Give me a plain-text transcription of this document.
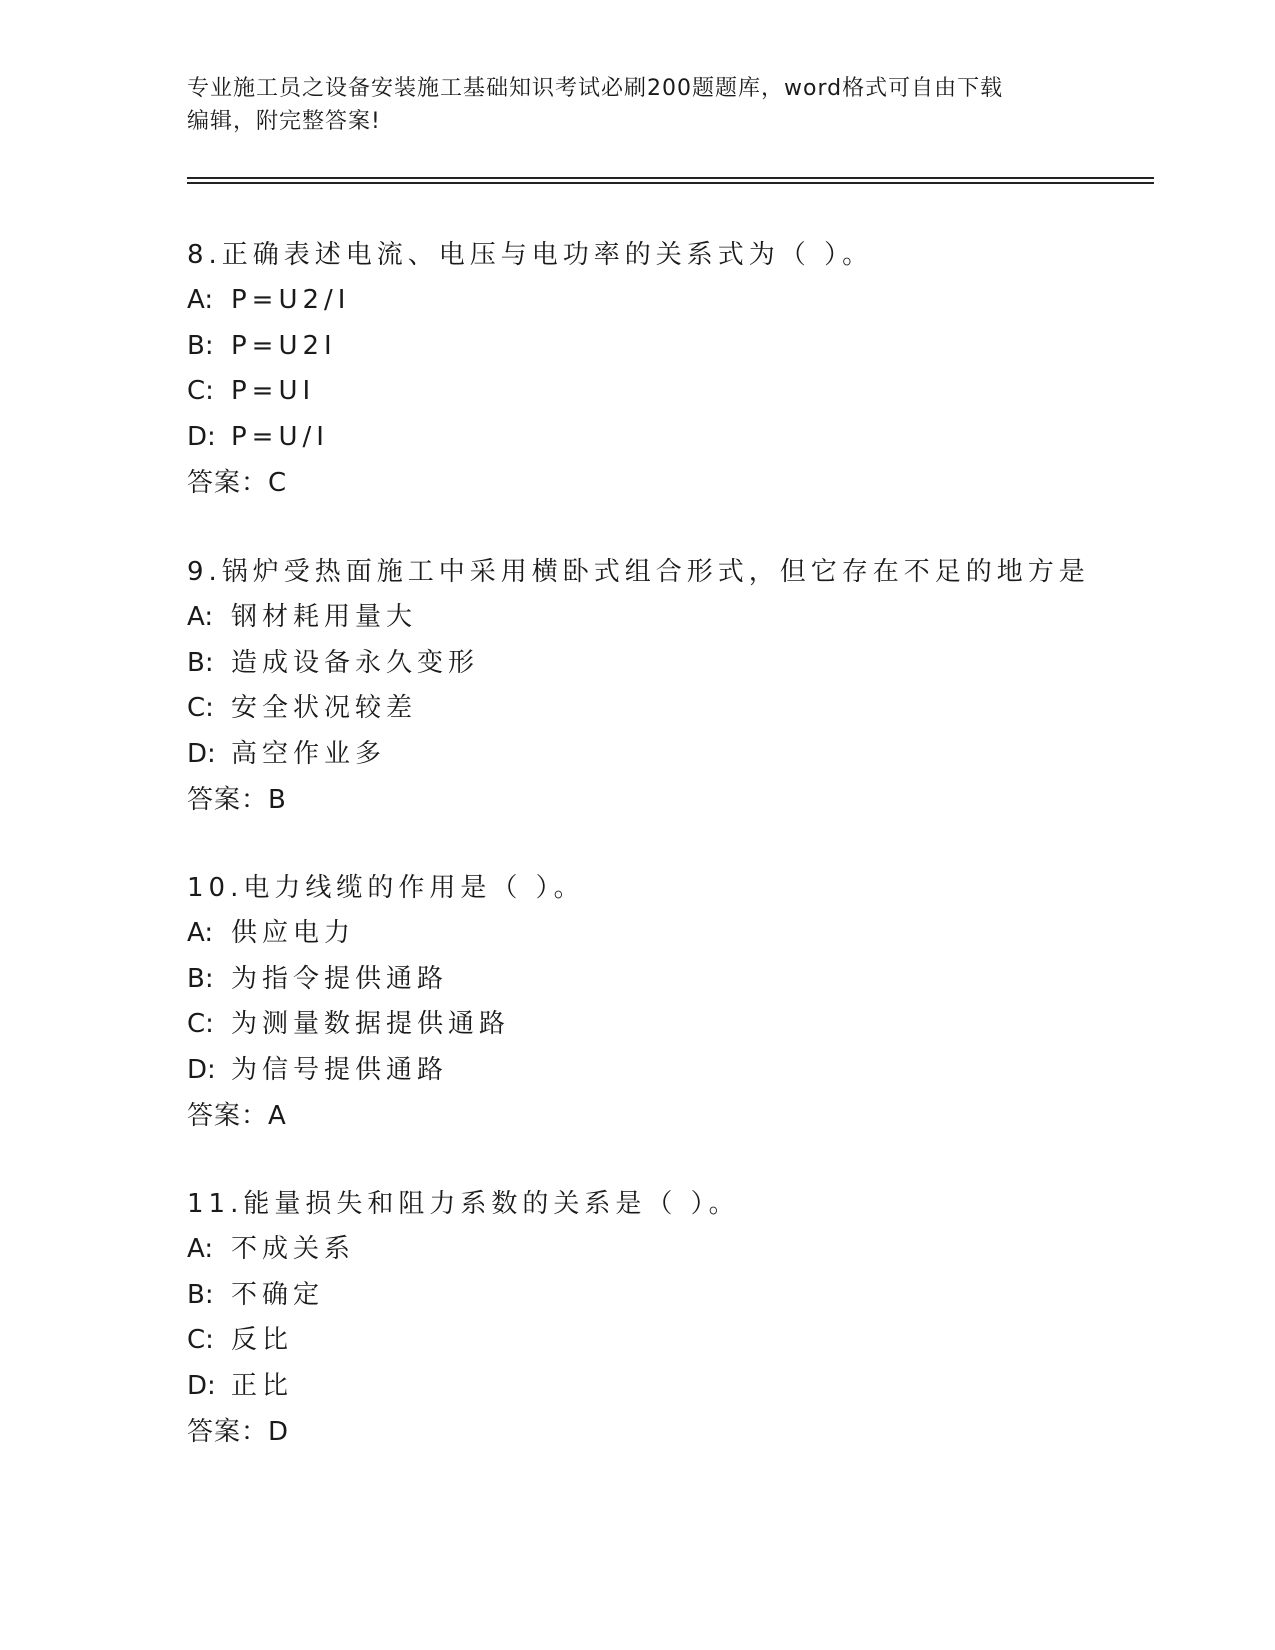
专业施工员之设备安装施工基础知识考试必刷200题题库，word格式可自由下载
编辑，附完整答案!
8.正确表述电流、电压与电功率的关系式为（ ）。
A: P=U2/I
B: P=U2I
C: P=UI
D: P=U/I
答案：C
9.锅炉受热面施工中采用横卧式组合形式，但它存在不足的地方是
A: 钢材耗用量大
B: 造成设备永久变形
C: 安全状况较差
D: 高空作业多
答案：B
10.电力线缆的作用是（ ）。
A: 供应电力
B: 为指令提供通路
C: 为测量数据提供通路
D: 为信号提供通路
答案：A
11.能量损失和阻力系数的关系是（ ）。
A: 不成关系
B: 不确定
C: 反比
D: 正比
答案：D
